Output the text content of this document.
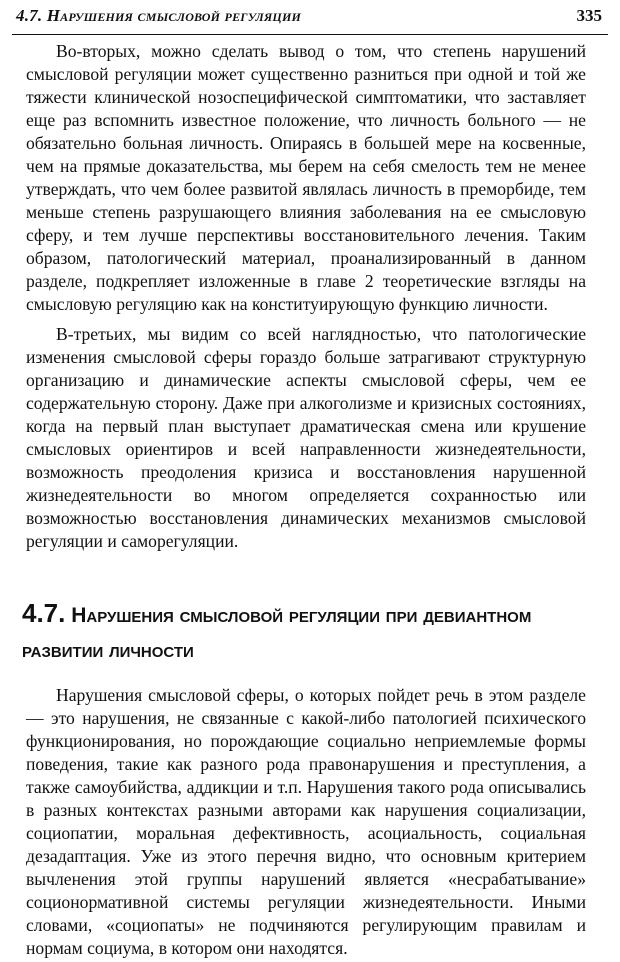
4.7. Нарушения смысловой регуляции	335

Во-вторых, можно сделать вывод о том, что степень нарушений смысловой регуляции может существенно разниться при одной и той же тяжести клинической нозоспецифической симптоматики, что заставляет еще раз вспомнить известное положение, что личность больного — не обязательно больная личность. Опираясь в большей мере на косвенные, чем на прямые доказательства, мы берем на себя смелость тем не менее утверждать, что чем более развитой являлась личность в преморбиде, тем меньше степень разрушающего влияния заболевания на ее смысловую сферу, и тем лучше перспективы восстановительного лечения. Таким образом, патологический материал, проанализированный в данном разделе, подкрепляет изложенные в главе 2 теоретические взгляды на смысловую регуляцию как на конституирующую функцию личности.

В-третьих, мы видим со всей наглядностью, что патологические изменения смысловой сферы гораздо больше затрагивают структурную организацию и динамические аспекты смысловой сферы, чем ее содержательную сторону. Даже при алкоголизме и кризисных состояниях, когда на первый план выступает драматическая смена или крушение смысловых ориентиров и всей направленности жизнедеятельности, возможность преодоления кризиса и восстановления нарушенной жизнедеятельности во многом определяется сохранностью или возможностью восстановления динамических механизмов смысловой регуляции и саморегуляции.

4.7. Нарушения смысловой регуляции при девиантном развитии личности

Нарушения смысловой сферы, о которых пойдет речь в этом разделе — это нарушения, не связанные с какой-либо патологией психического функционирования, но порождающие социально неприемлемые формы поведения, такие как разного рода правонарушения и преступления, а также самоубийства, аддикции и т.п. Нарушения такого рода описывались в разных контекстах разными авторами как нарушения социализации, социопатии, моральная дефективность, асоциальность, социальная дезадаптация. Уже из этого перечня видно, что основным критерием вычленения этой группы нарушений является «несрабатывание» соционормативной системы регуляции жизнедеятельности. Иными словами, «социопаты» не подчиняются регулирующим правилам и нормам социума, в котором они находятся.
